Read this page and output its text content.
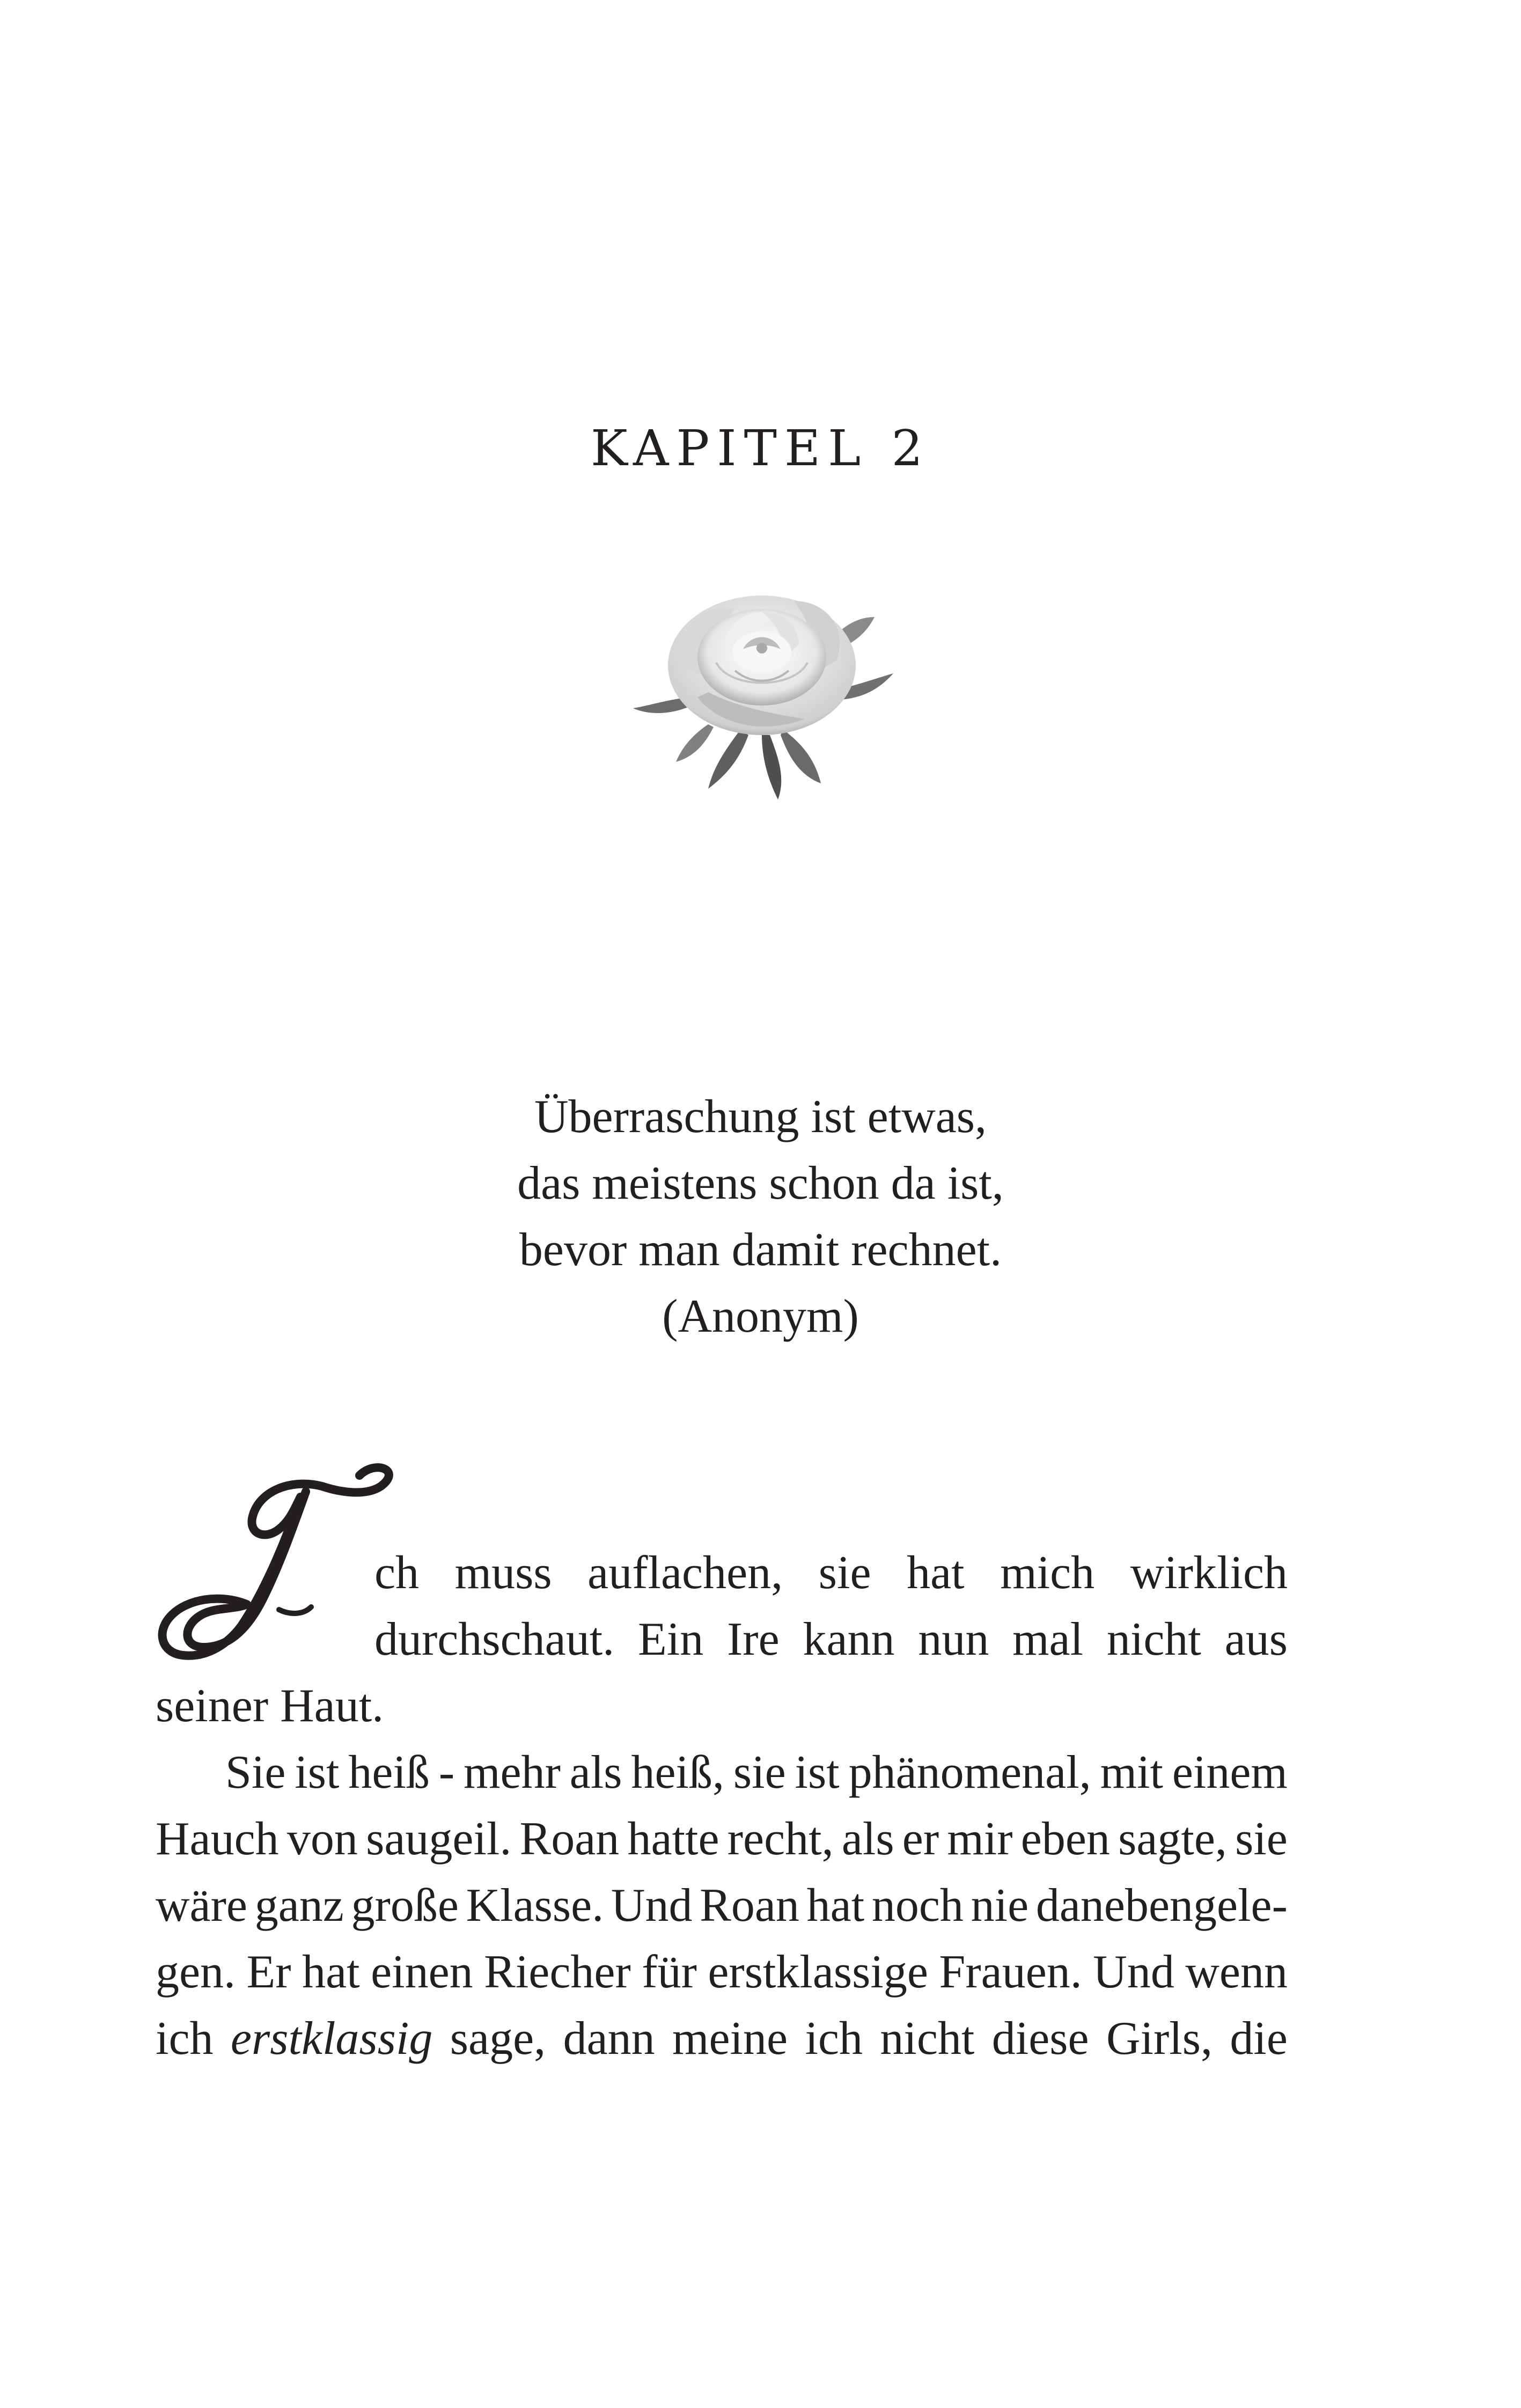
KAPITEL 2
Überraschung ist etwas,
das meistens schon da ist,
bevor man damit rechnet.
(Anonym)
ch muss auflachen, sie hat mich wirklich
durchschaut. Ein Ire kann nun mal nicht aus
seiner Haut.
Sie ist heiß - mehr als heiß, sie ist phänomenal, mit einem
Hauch von saugeil. Roan hatte recht, als er mir eben sagte, sie
wäre ganz große Klasse. Und Roan hat noch nie danebengele-
gen. Er hat einen Riecher für erstklassige Frauen. Und wenn
ich erstklassig sage, dann meine ich nicht diese Girls, die
